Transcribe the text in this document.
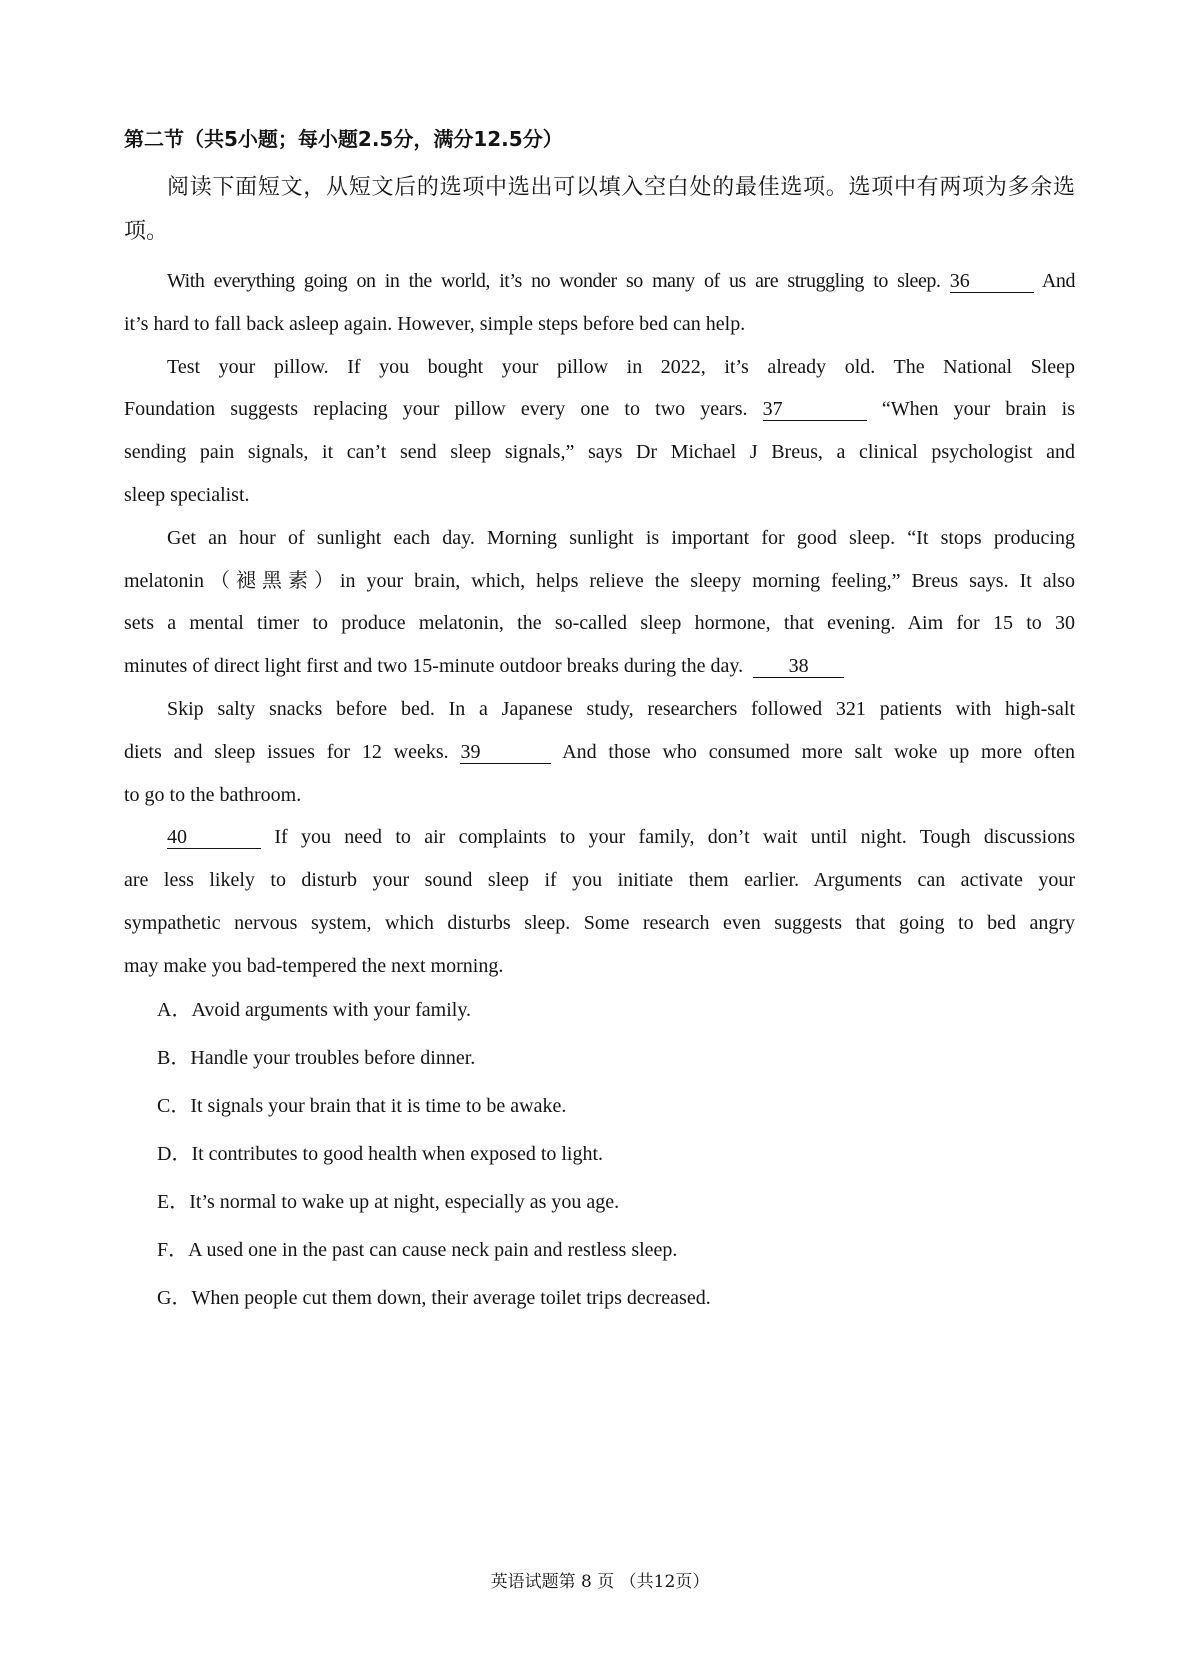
第二节（共5小题；每小题2.5分，满分12.5分）
阅读下面短文，从短文后的选项中选出可以填入空白处的最佳选项。选项中有两项为多余选
项。
With everything going on in the world, it’s no wonder so many of us are struggling to sleep. 36	And
it’s hard to fall back asleep again. However, simple steps before bed can help.
Test your pillow. If you bought your pillow in 2022, it’s already old. The National Sleep
Foundation suggests replacing your pillow every one to two years. 37	“When your brain is
sending pain signals, it can’t send sleep signals,” says Dr Michael J Breus, a clinical psychologist and
sleep specialist.
Get an hour of sunlight each day. Morning sunlight is important for good sleep. “It stops producing
melatonin（褪黑素）in your brain, which, helps relieve the sleepy morning feeling,” Breus says. It also
sets a mental timer to produce melatonin, the so-called sleep hormone, that evening. Aim for 15 to 30
minutes of direct light first and two 15-minute outdoor breaks during the day. 38
Skip salty snacks before bed. In a Japanese study, researchers followed 321 patients with high-salt
diets and sleep issues for 12 weeks. 39	And those who consumed more salt woke up more often
to go to the bathroom.
40	If you need to air complaints to your family, don’t wait until night. Tough discussions
are less likely to disturb your sound sleep if you initiate them earlier. Arguments can activate your
sympathetic nervous system, which disturbs sleep. Some research even suggests that going to bed angry
may make you bad-tempered the next morning.
A．Avoid arguments with your family.
B．Handle your troubles before dinner.
C．It signals your brain that it is time to be awake.
D．It contributes to good health when exposed to light.
E．It’s normal to wake up at night, especially as you age.
F．A used one in the past can cause neck pain and restless sleep.
G．When people cut them down, their average toilet trips decreased.
英语试题第 8 页 （共12页）
